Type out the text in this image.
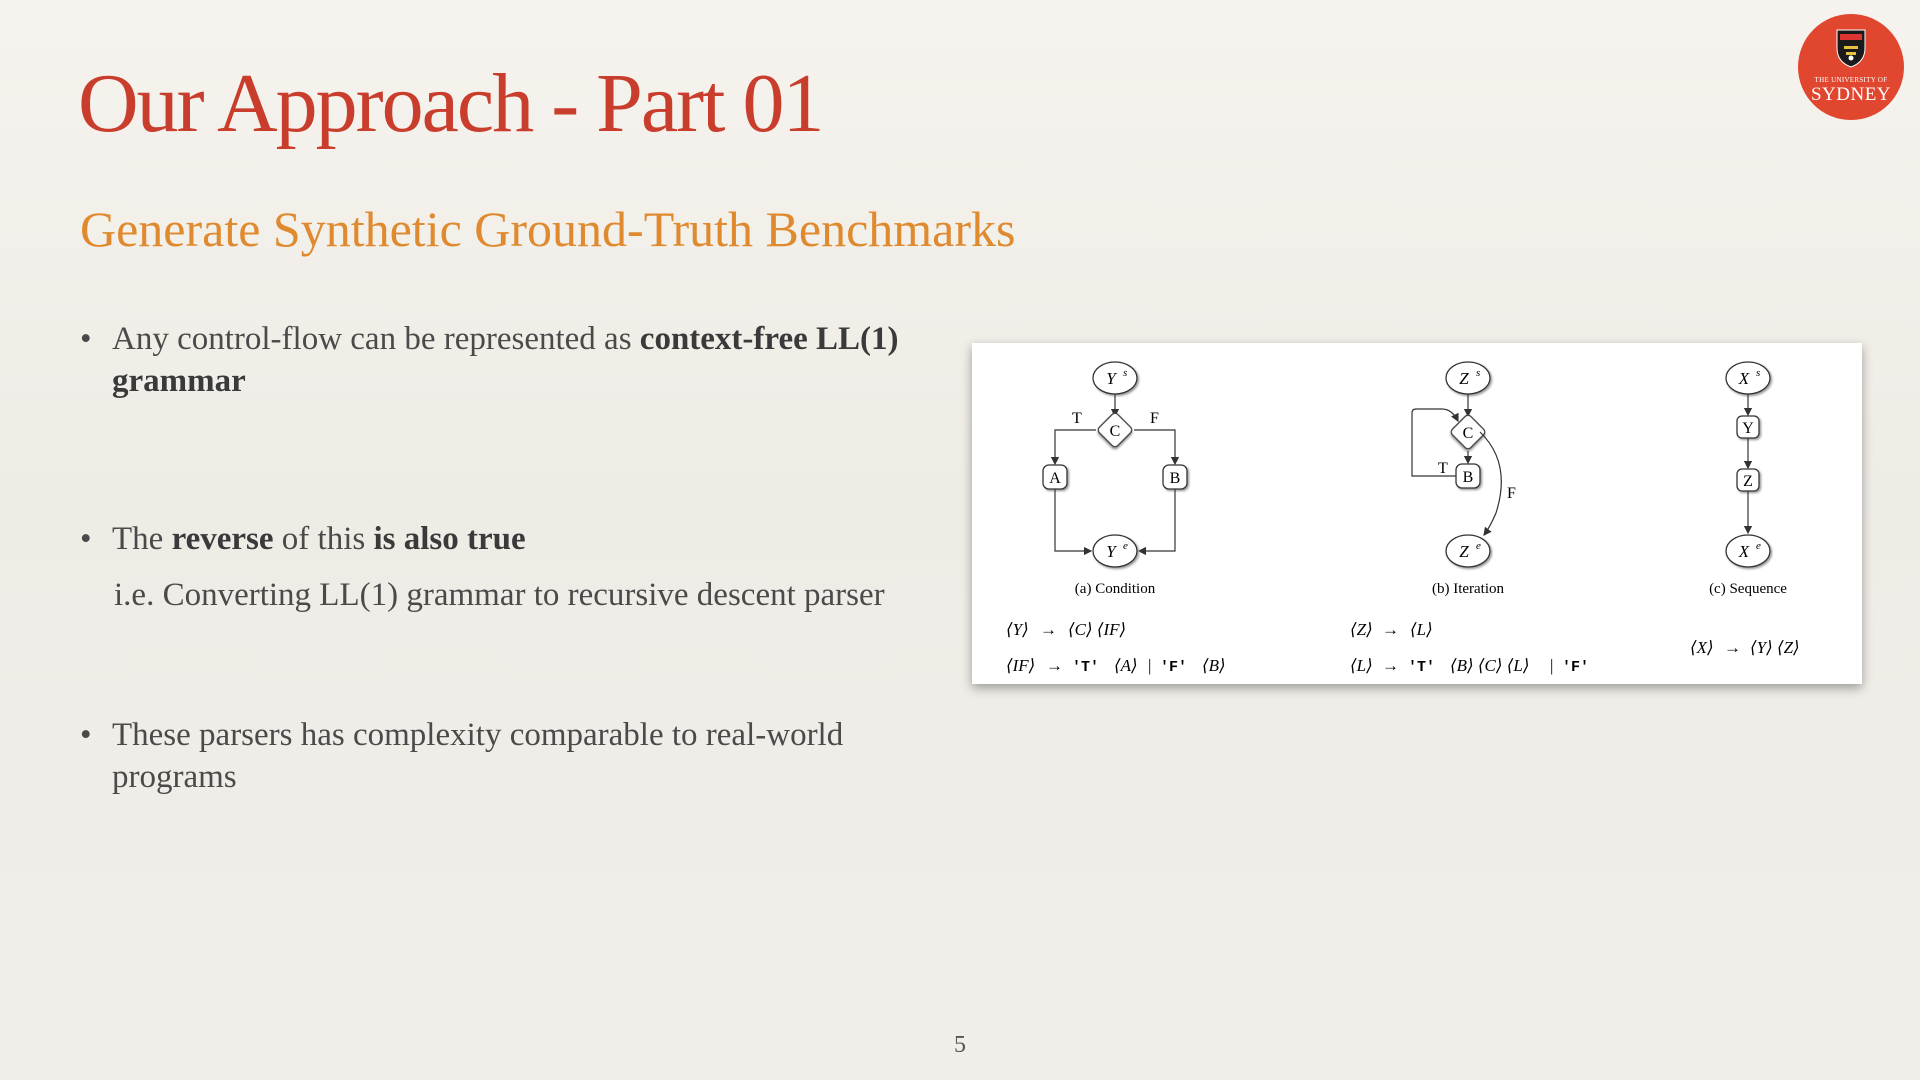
Our Approach - Part 01
Generate Synthetic Ground-Truth Benchmarks
THE UNIVERSITY OF
SYDNEY
• Any control-flow can be represented as context-free LL(1) grammar
• The reverse of this is also true
i.e. Converting LL(1) grammar to recursive descent parser
• These parsers has complexity comparable to real-world programs
Y s
C
T	F
A	B
Y e
(a) Condition
⟨Y⟩ → ⟨C⟩ ⟨IF⟩
⟨IF⟩ → 'T' ⟨A⟩ | 'F' ⟨B⟩
Z s
C
T
B
F
Z e
(b) Iteration
⟨Z⟩ → ⟨L⟩
⟨L⟩ → 'T' ⟨B⟩ ⟨C⟩ ⟨L⟩ | 'F'
X s
Y
Z
X e
(c) Sequence
⟨X⟩ → ⟨Y⟩ ⟨Z⟩
5
